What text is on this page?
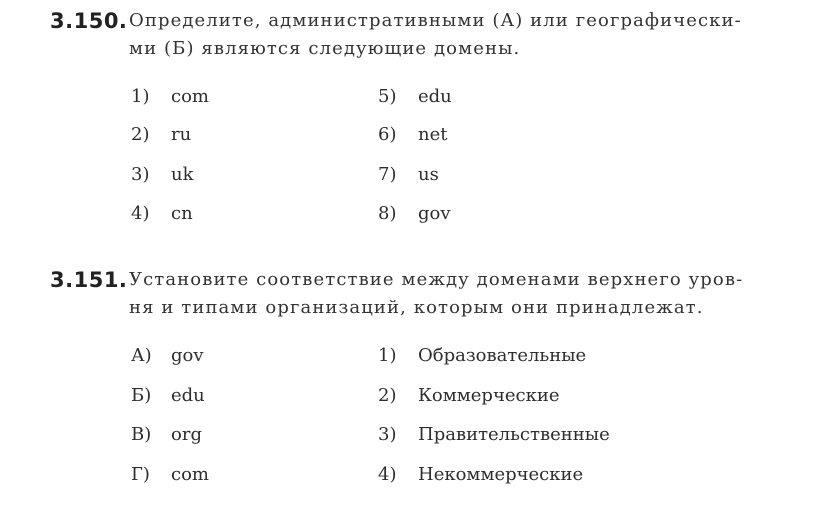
3.150. Определите, административными (А) или географически-
ми (Б) являются следующие домены.
1) com
2) ru
3) uk
4) cn
5) edu
6) net
7) us
8) gov
3.151. Установите соответствие между доменами верхнего уров-
ня и типами организаций, которым они принадлежат.
А) gov
Б) edu
В) org
Г) com
1) Образовательные
2) Коммерческие
3) Правительственные
4) Некоммерческие
